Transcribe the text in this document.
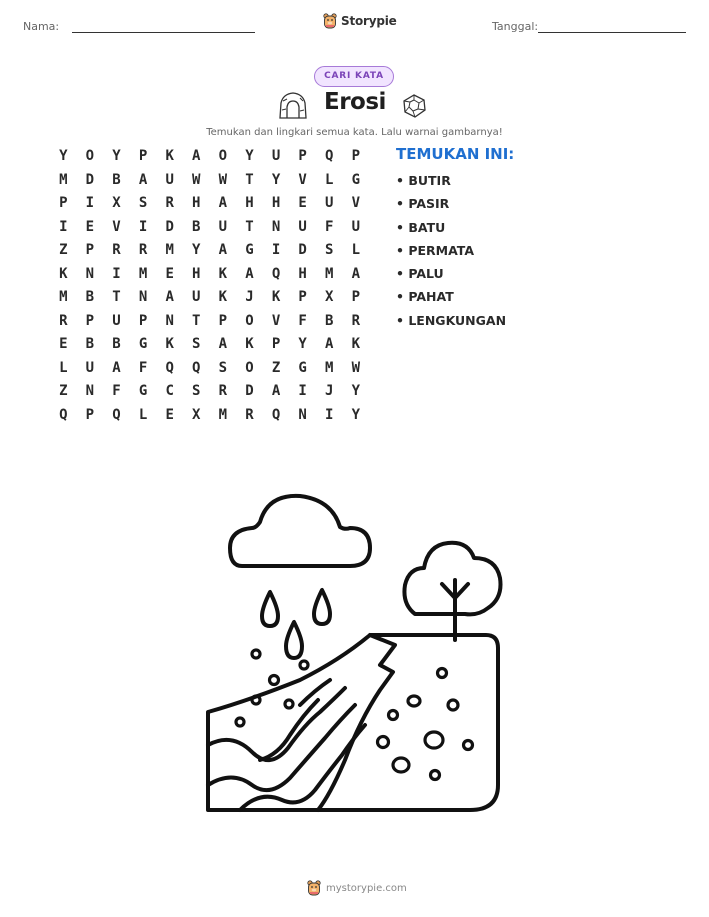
Nama:	Storypie	Tanggal:
CARI KATA
Erosi
Temukan dan lingkari semua kata. Lalu warnai gambarnya!
Y	O	Y	P	K	A	O	Y	U	P	Q	P
M	D	B	A	U	W	W	T	Y	V	L	G
P	I	X	S	R	H	A	H	H	E	U	V
I	E	V	I	D	B	U	T	N	U	F	U
Z	P	R	R	M	Y	A	G	I	D	S	L
K	N	I	M	E	H	K	A	Q	H	M	A
M	B	T	N	A	U	K	J	K	P	X	P
R	P	U	P	N	T	P	O	V	F	B	R
E	B	B	G	K	S	A	K	P	Y	A	K
L	U	A	F	Q	Q	S	O	Z	G	M	W
Z	N	F	G	C	S	R	D	A	I	J	Y
Q	P	Q	L	E	X	M	R	Q	N	I	Y
TEMUKAN INI:
• BUTIR
• PASIR
• BATU
• PERMATA
• PALU
• PAHAT
• LENGKUNGAN
mystorypie.com
